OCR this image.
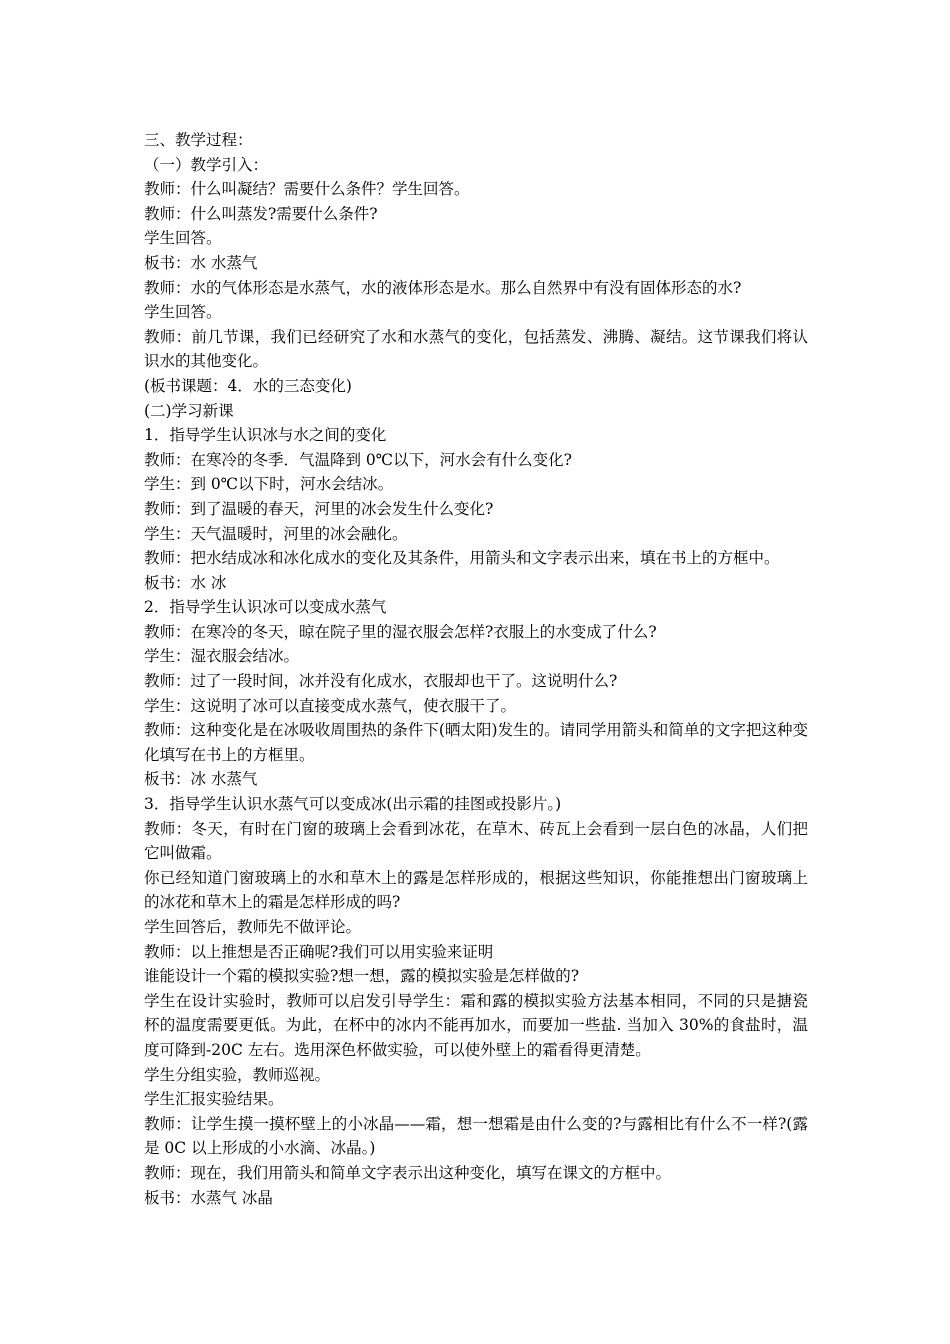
三、教学过程：

（一）教学引入：

教师：什么叫凝结？需要什么条件？学生回答。

教师：什么叫蒸发?需要什么条件?

学生回答。

板书：水 水蒸气

教师：水的气体形态是水蒸气，水的液体形态是水。那么自然界中有没有固体形态的水?

学生回答。

教师：前几节课，我们已经研究了水和水蒸气的变化，包括蒸发、沸腾、凝结。这节课我们将认识水的其他变化。

(板书课题：4．水的三态变化)

(二)学习新课

1．指导学生认识冰与水之间的变化

教师：在寒冷的冬季．气温降到 0℃以下，河水会有什么变化?

学生：到 0℃以下时，河水会结冰。

教师：到了温暖的春天，河里的冰会发生什么变化?

学生：天气温暖时，河里的冰会融化。

教师：把水结成冰和冰化成水的变化及其条件，用箭头和文字表示出来，填在书上的方框中。

板书：水 冰

2．指导学生认识冰可以变成水蒸气

教师：在寒冷的冬天，晾在院子里的湿衣服会怎样?衣服上的水变成了什么?

学生：湿衣服会结冰。

教师：过了一段时间，冰并没有化成水，衣服却也干了。这说明什么?

学生：这说明了冰可以直接变成水蒸气，使衣服干了。

教师：这种变化是在冰吸收周围热的条件下(晒太阳)发生的。请同学用箭头和简单的文字把这种变化填写在书上的方框里。

板书：冰 水蒸气

3．指导学生认识水蒸气可以变成冰(出示霜的挂图或投影片。)

教师：冬天，有时在门窗的玻璃上会看到冰花，在草木、砖瓦上会看到一层白色的冰晶，人们把它叫做霜。

你已经知道门窗玻璃上的水和草木上的露是怎样形成的，根据这些知识，你能推想出门窗玻璃上的冰花和草木上的霜是怎样形成的吗?

学生回答后，教师先不做评论。

教师：以上推想是否正确呢?我们可以用实验来证明

谁能设计一个霜的模拟实验?想一想，露的模拟实验是怎样做的?

学生在设计实验时，教师可以启发引导学生：霜和露的模拟实验方法基本相同，不同的只是搪瓷杯的温度需要更低。为此，在杯中的冰内不能再加水，而要加一些盐. 当加入 30%的食盐时，温度可降到-20C 左右。选用深色杯做实验，可以使外壁上的霜看得更清楚。

学生分组实验，教师巡视。

学生汇报实验结果。

教师：让学生摸一摸杯壁上的小冰晶——霜，想一想霜是由什么变的?与露相比有什么不一样?(露是 0C 以上形成的小水滴、冰晶。)

教师：现在，我们用箭头和简单文字表示出这种变化，填写在课文的方框中。

板书：水蒸气 冰晶
